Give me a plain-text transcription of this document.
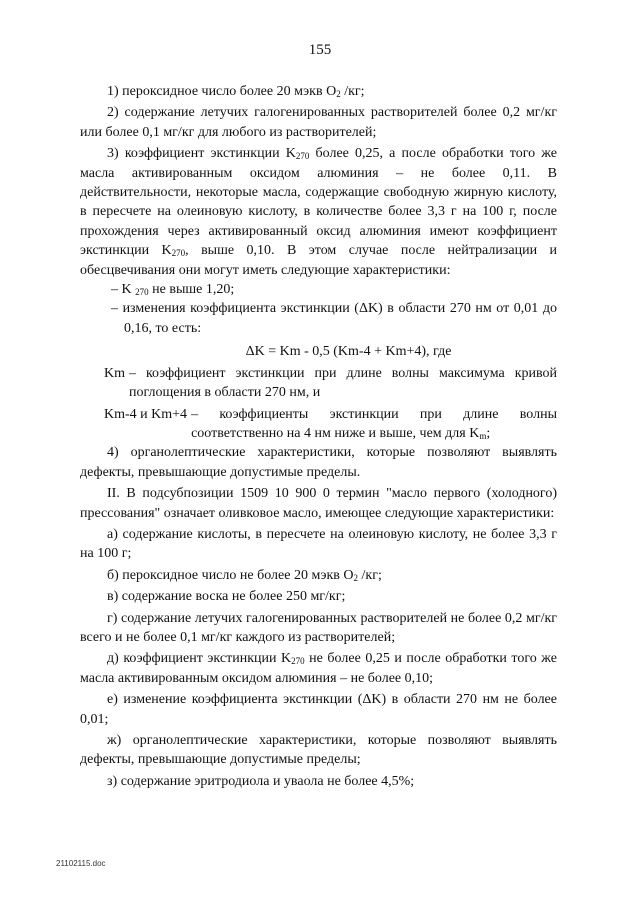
155

1) пероксидное число более 20 мэкв $O_2$ /кг;

2) содержание летучих галогенированных растворителей более 0,2 мг/кг или более 0,1 мг/кг для любого из растворителей;

3) коэффициент экстинкции $K_{270}$ более 0,25, а после обработки того же масла активированным оксидом алюминия – не более 0,11. В действительности, некоторые масла, содержащие свободную жирную кислоту, в пересчете на олеиновую кислоту, в количестве более 3,3 г на 100 г, после прохождения через активированный оксид алюминия имеют коэффициент экстинкции $K_{270}$, выше 0,10. В этом случае после нейтрализации и обесцвечивания они могут иметь следующие характеристики:

– K $_{270}$ не выше 1,20;

– изменения коэффициента экстинкции (ΔK) в области 270 нм от 0,01 до 0,16, то есть:

ΔK = Km - 0,5 (Km-4 + Km+4), где

Km – коэффициент экстинкции при длине волны максимума кривой поглощения в области 270 нм, и
Km-4 и Km+4 – коэффициенты экстинкции при длине волны соответственно на 4 нм ниже и выше, чем для $K_m$;

4) органолептические характеристики, которые позволяют выявлять дефекты, превышающие допустимые пределы.

II. В подсубпозиции 1509 10 900 0 термин "масло первого (холодного) прессования" означает оливковое масло, имеющее следующие характеристики:

а) содержание кислоты, в пересчете на олеиновую кислоту, не более 3,3 г на 100 г;

б) пероксидное число не более 20 мэкв $O_2$ /кг;

в) содержание воска не более 250 мг/кг;

г) содержание летучих галогенированных растворителей не более 0,2 мг/кг всего и не более 0,1 мг/кг каждого из растворителей;

д) коэффициент экстинкции $K_{270}$ не более 0,25 и после обработки того же масла активированным оксидом алюминия – не более 0,10;

е) изменение коэффициента экстинкции (ΔK) в области 270 нм не более 0,01;

ж) органолептические характеристики, которые позволяют выявлять дефекты, превышающие допустимые пределы;

з) содержание эритродиола и уваола не более 4,5%;

21102115.doc
